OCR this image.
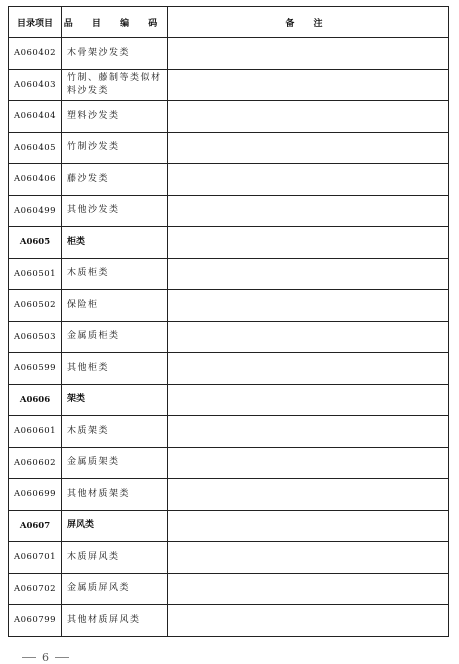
目录项目	品 目 编 码	备 注
A060402	木骨架沙发类	
A060403	竹制、藤制等类似材料沙发类	
A060404	塑料沙发类	
A060405	竹制沙发类	
A060406	藤沙发类	
A060499	其他沙发类	
A0605	柜类	
A060501	木质柜类	
A060502	保险柜	
A060503	金属质柜类	
A060599	其他柜类	
A0606	架类	
A060601	木质架类	
A060602	金属质架类	
A060699	其他材质架类	
A0607	屏风类	
A060701	木质屏风类	
A060702	金属质屏风类	
A060799	其他材质屏风类	
6
